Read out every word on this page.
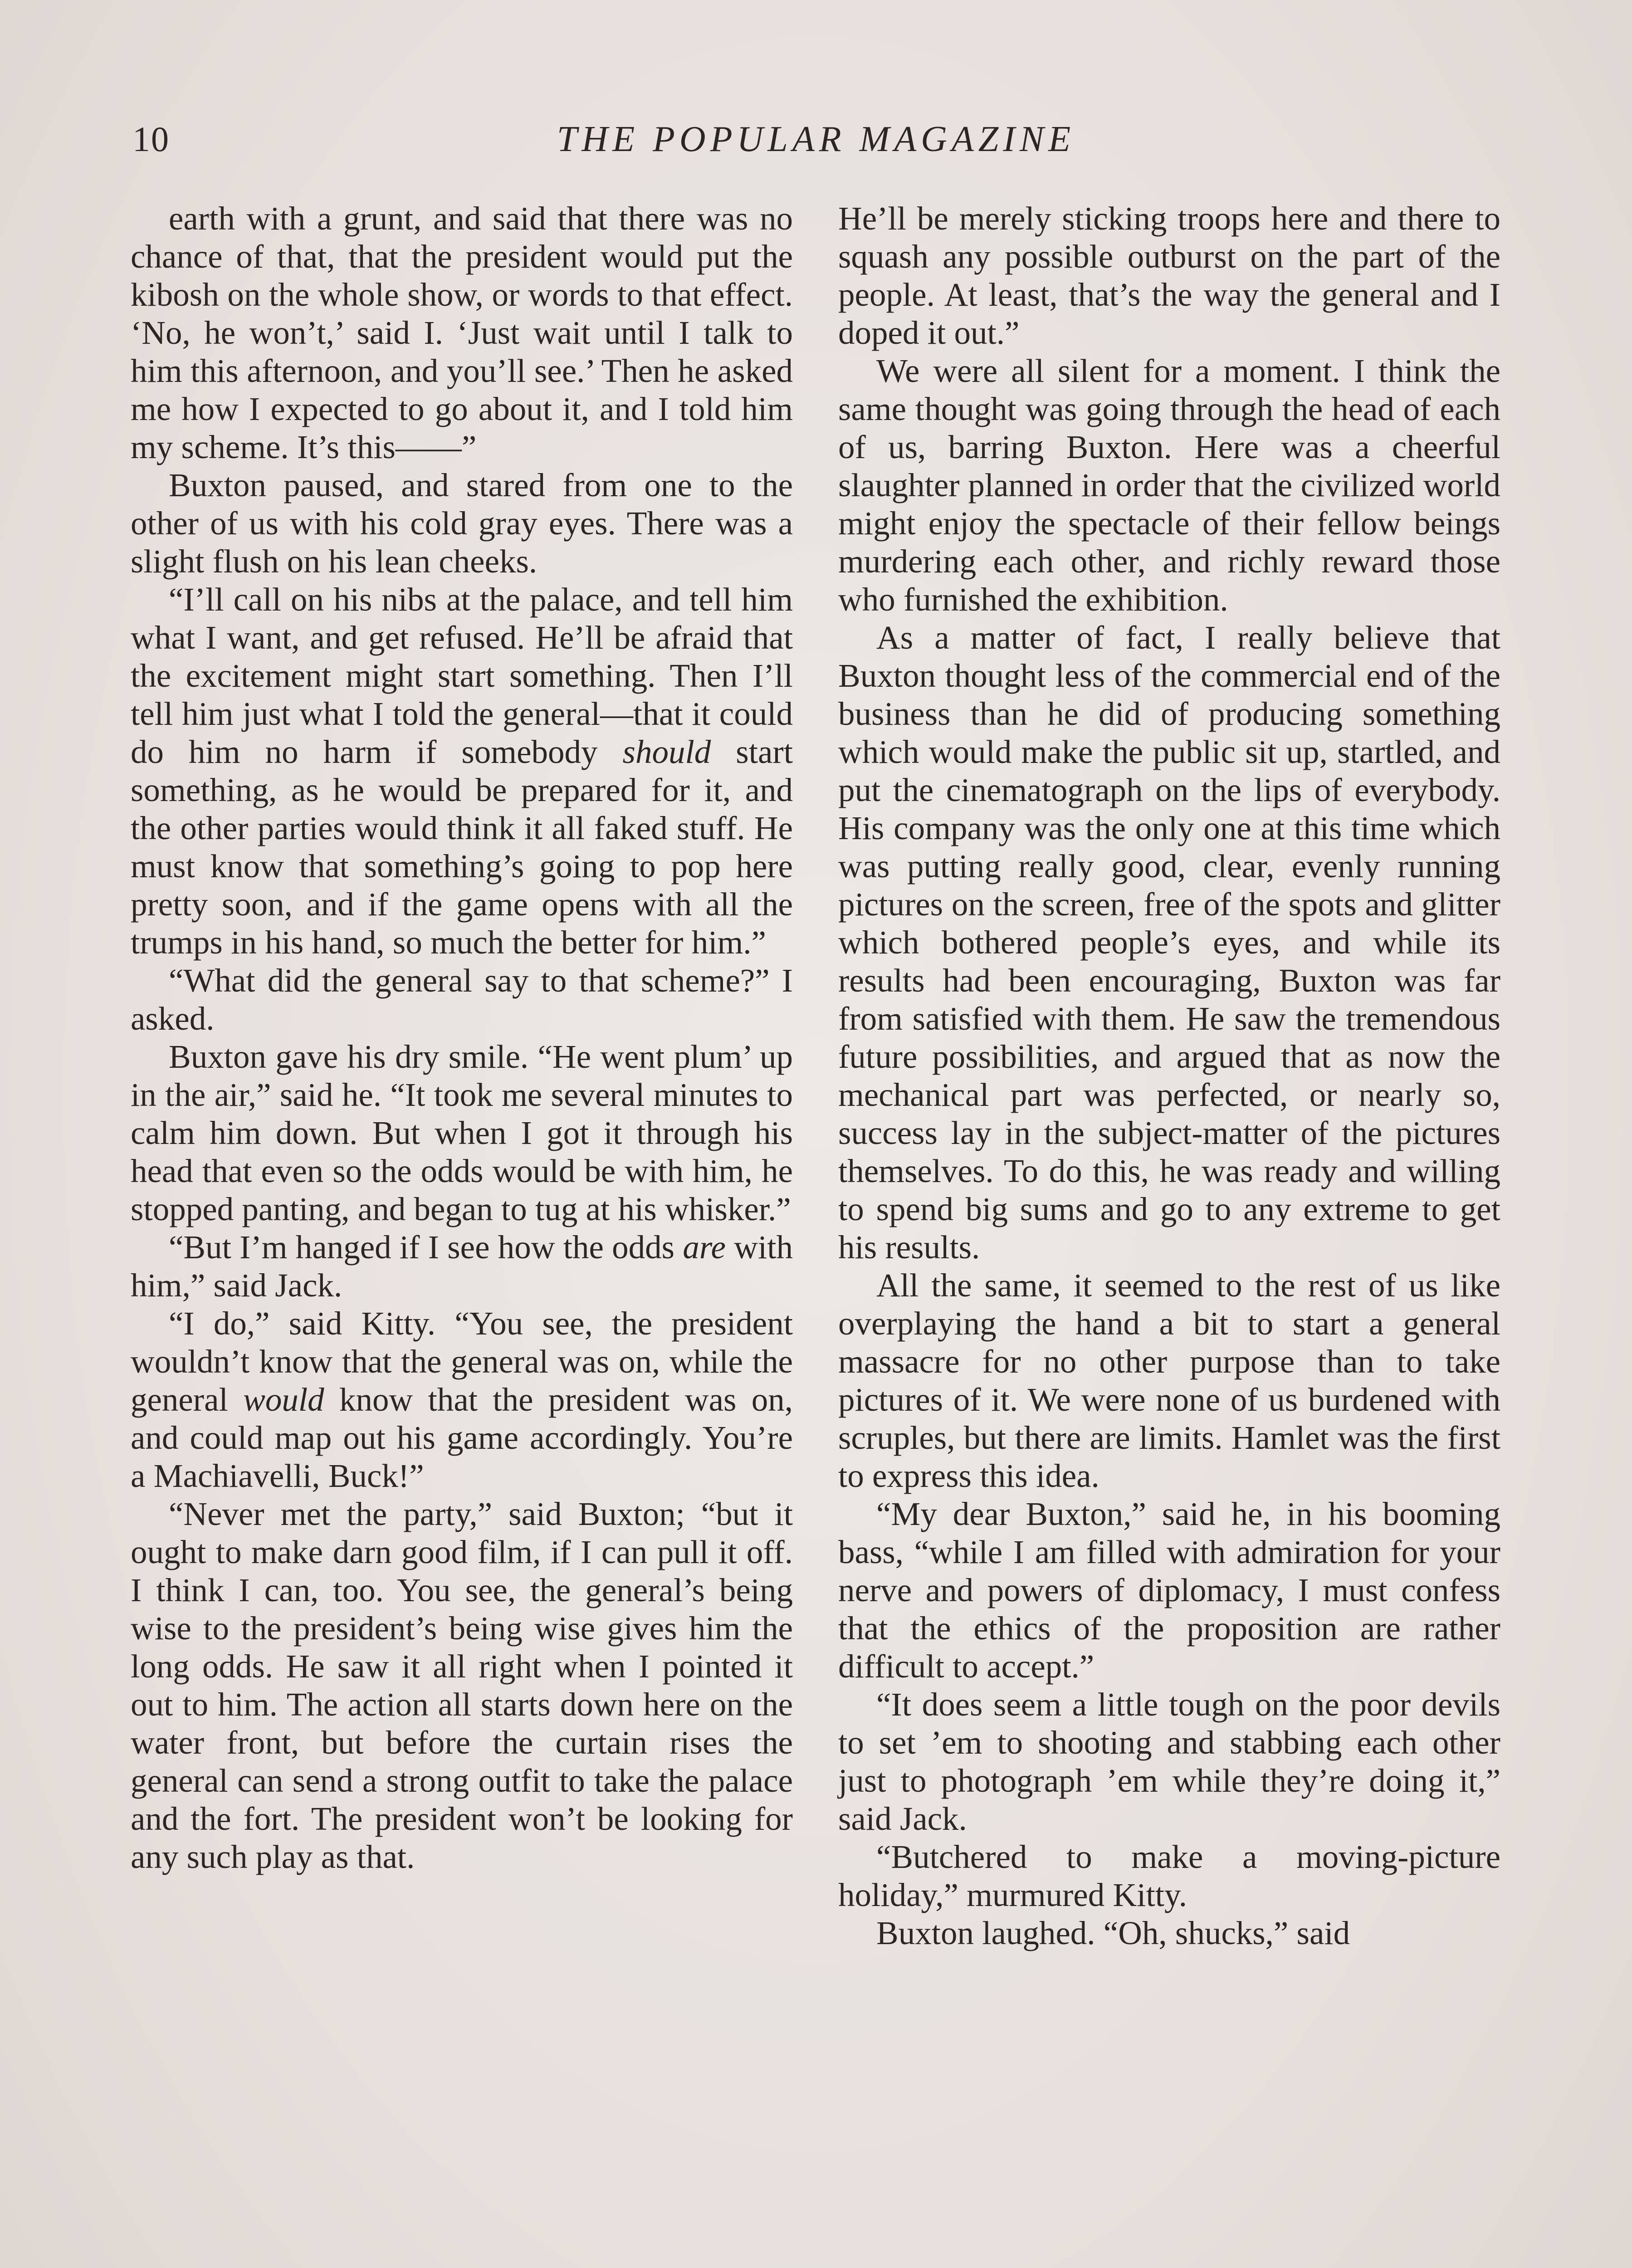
10	THE POPULAR MAGAZINE

earth with a grunt, and said that there was no chance of that, that the president would put the kibosh on the whole show, or words to that effect. ‘No, he won’t,’ said I. ‘Just wait until I talk to him this afternoon, and you’ll see.’ Then he asked me how I expected to go about it, and I told him my scheme. It’s this——”

Buxton paused, and stared from one to the other of us with his cold gray eyes. There was a slight flush on his lean cheeks.

“I’ll call on his nibs at the palace, and tell him what I want, and get refused. He’ll be afraid that the excitement might start something. Then I’ll tell him just what I told the general—that it could do him no harm if somebody should start something, as he would be prepared for it, and the other parties would think it all faked stuff. He must know that something’s going to pop here pretty soon, and if the game opens with all the trumps in his hand, so much the better for him.”

“What did the general say to that scheme?” I asked.

Buxton gave his dry smile. “He went plum’ up in the air,” said he. “It took me several minutes to calm him down. But when I got it through his head that even so the odds would be with him, he stopped panting, and began to tug at his whisker.”

“But I’m hanged if I see how the odds are with him,” said Jack.

“I do,” said Kitty. “You see, the president wouldn’t know that the general was on, while the general would know that the president was on, and could map out his game accordingly. You’re a Machiavelli, Buck!”

“Never met the party,” said Buxton; “but it ought to make darn good film, if I can pull it off. I think I can, too. You see, the general’s being wise to the president’s being wise gives him the long odds. He saw it all right when I pointed it out to him. The action all starts down here on the water front, but before the curtain rises the general can send a strong outfit to take the palace and the fort. The president won’t be looking for any such play as that.

He’ll be merely sticking troops here and there to squash any possible outburst on the part of the people. At least, that’s the way the general and I doped it out.”

We were all silent for a moment. I think the same thought was going through the head of each of us, barring Buxton. Here was a cheerful slaughter planned in order that the civilized world might enjoy the spectacle of their fellow beings murdering each other, and richly reward those who furnished the exhibition.

As a matter of fact, I really believe that Buxton thought less of the commercial end of the business than he did of producing something which would make the public sit up, startled, and put the cinematograph on the lips of everybody. His company was the only one at this time which was putting really good, clear, evenly running pictures on the screen, free of the spots and glitter which bothered people’s eyes, and while its results had been encouraging, Buxton was far from satisfied with them. He saw the tremendous future possibilities, and argued that as now the mechanical part was perfected, or nearly so, success lay in the subject-matter of the pictures themselves. To do this, he was ready and willing to spend big sums and go to any extreme to get his results.

All the same, it seemed to the rest of us like overplaying the hand a bit to start a general massacre for no other purpose than to take pictures of it. We were none of us burdened with scruples, but there are limits. Hamlet was the first to express this idea.

“My dear Buxton,” said he, in his booming bass, “while I am filled with admiration for your nerve and powers of diplomacy, I must confess that the ethics of the proposition are rather difficult to accept.”

“It does seem a little tough on the poor devils to set ’em to shooting and stabbing each other just to photograph ’em while they’re doing it,” said Jack.

“Butchered to make a moving-picture holiday,” murmured Kitty.

Buxton laughed. “Oh, shucks,” said
